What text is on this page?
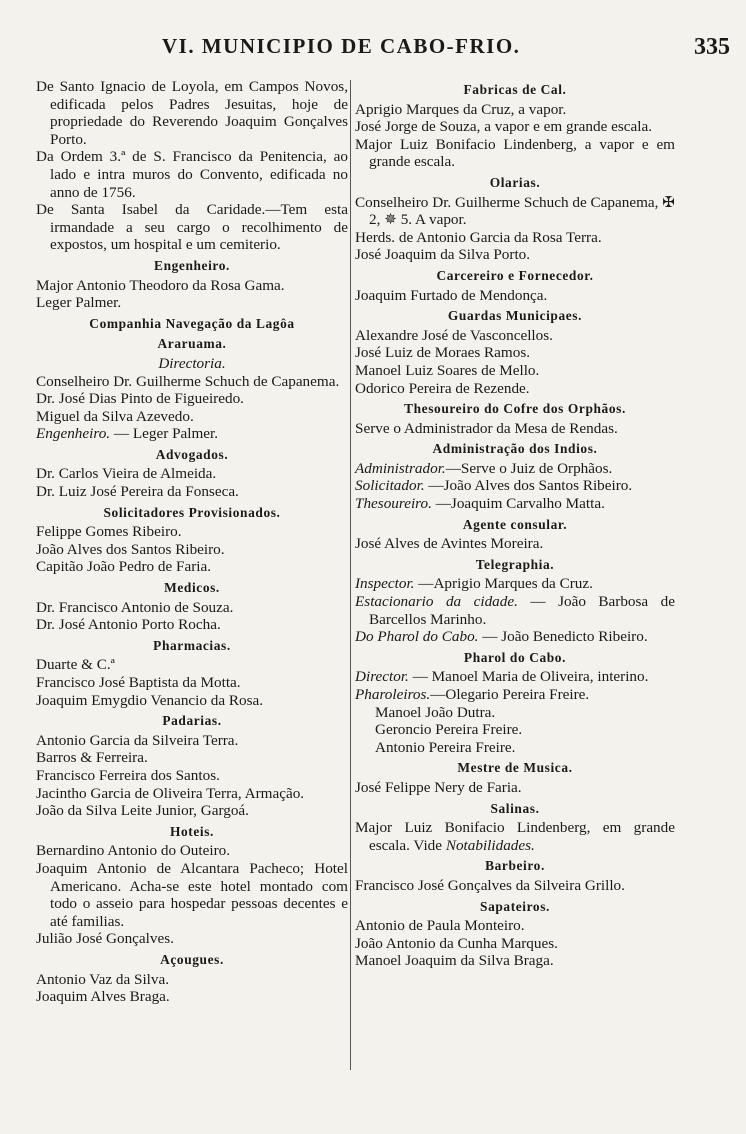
VI. MUNICIPIO DE CABO-FRIO.	335
De Santo Ignacio de Loyola, em Campos Novos, edificada pelos Padres Jesuitas, hoje de propriedade do Reverendo Joaquim Gonçalves Porto.
Da Ordem 3.ª de S. Francisco da Penitencia, ao lado e intra muros do Convento, edificada no anno de 1756.
De Santa Isabel da Caridade.—Tem esta irmandade a seu cargo o recolhimento de expostos, um hospital e um cemiterio.
Engenheiro.
Major Antonio Theodoro da Rosa Gama.
Leger Palmer.
Companhia Navegação da Lagôa
Araruama.
Directoria.
Conselheiro Dr. Guilherme Schuch de Capanema.
Dr. José Dias Pinto de Figueiredo.
Miguel da Silva Azevedo.
Engenheiro. — Leger Palmer.
Advogados.
Dr. Carlos Vieira de Almeida.
Dr. Luiz José Pereira da Fonseca.
Solicitadores Provisionados.
Felippe Gomes Ribeiro.
João Alves dos Santos Ribeiro.
Capitão João Pedro de Faria.
Medicos.
Dr. Francisco Antonio de Souza.
Dr. José Antonio Porto Rocha.
Pharmacias.
Duarte & C.ª
Francisco José Baptista da Motta.
Joaquim Emygdio Venancio da Rosa.
Padarias.
Antonio Garcia da Silveira Terra.
Barros & Ferreira.
Francisco Ferreira dos Santos.
Jacintho Garcia de Oliveira Terra, Armação.
João da Silva Leite Junior, Gargoá.
Hoteis.
Bernardino Antonio do Outeiro.
Joaquim Antonio de Alcantara Pacheco; Hotel Americano. Acha-se este hotel montado com todo o asseio para hospedar pessoas decentes e até familias.
Julião José Gonçalves.
Açougues.
Antonio Vaz da Silva.
Joaquim Alves Braga.
Fabricas de Cal.
Aprigio Marques da Cruz, a vapor.
José Jorge de Souza, a vapor e em grande escala.
Major Luiz Bonifacio Lindenberg, a vapor e em grande escala.
Olarias.
Conselheiro Dr. Guilherme Schuch de Capanema, ✠ 2, ✵ 5. A vapor.
Herds. de Antonio Garcia da Rosa Terra.
José Joaquim da Silva Porto.
Carcereiro e Fornecedor.
Joaquim Furtado de Mendonça.
Guardas Municipaes.
Alexandre José de Vasconcellos.
José Luiz de Moraes Ramos.
Manoel Luiz Soares de Mello.
Odorico Pereira de Rezende.
Thesoureiro do Cofre dos Orphãos.
Serve o Administrador da Mesa de Rendas.
Administração dos Indios.
Administrador.—Serve o Juiz de Orphãos.
Solicitador. —João Alves dos Santos Ribeiro.
Thesoureiro. —Joaquim Carvalho Matta.
Agente consular.
José Alves de Avintes Moreira.
Telegraphia.
Inspector. —Aprigio Marques da Cruz.
Estacionario da cidade. — João Barbosa de Barcellos Marinho.
Do Pharol do Cabo. — João Benedicto Ribeiro.
Pharol do Cabo.
Director. — Manoel Maria de Oliveira, interino.
Pharoleiros.—Olegario Pereira Freire.
Manoel João Dutra.
Geroncio Pereira Freire.
Antonio Pereira Freire.
Mestre de Musica.
José Felippe Nery de Faria.
Salinas.
Major Luiz Bonifacio Lindenberg, em grande escala. Vide Notabilidades.
Barbeiro.
Francisco José Gonçalves da Silveira Grillo.
Sapateiros.
Antonio de Paula Monteiro.
João Antonio da Cunha Marques.
Manoel Joaquim da Silva Braga.
